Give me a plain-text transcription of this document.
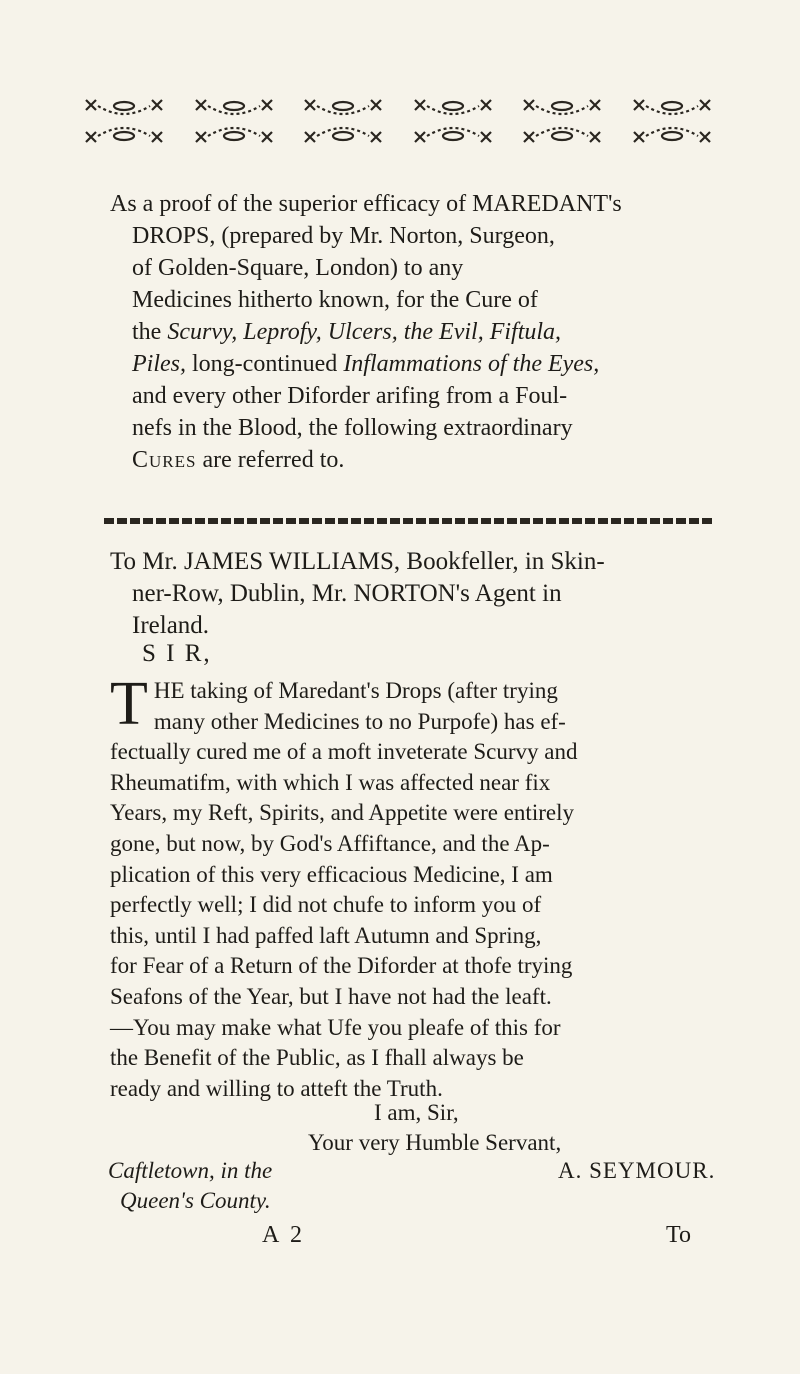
As a proof of the superior efficacy of MAREDANT's

DROPS, (prepared by Mr. Norton, Surgeon,

of Golden-Square, London) to any

Medicines hitherto known, for the Cure of

the Scurvy, Leprofy, Ulcers, the Evil, Fiftula,

Piles, long-continued Inflammations of the Eyes,

and every other Diforder arifing from a Foul-

nefs in the Blood, the following extraordinary

Cures are referred to.

To Mr. JAMES WILLIAMS, Bookfeller, in Skin-

ner-Row, Dublin, Mr. NORTON's Agent in

Ireland.

S I R,
T HE taking of Maredant's Drops (after trying

many other Medicines to no Purpofe) has ef-

fectually cured me of a moft inveterate Scurvy and

Rheumatifm, with which I was affected near fix

Years, my Reft, Spirits, and Appetite were entirely

gone, but now, by God's Affiftance, and the Ap-

plication of this very efficacious Medicine, I am

perfectly well; I did not chufe to inform you of

this, until I had paffed laft Autumn and Spring,

for Fear of a Return of the Diforder at thofe trying

Seafons of the Year, but I have not had the leaft.

—You may make what Ufe you pleafe of this for

the Benefit of the Public, as I fhall always be

ready and willing to atteft the Truth.

I am, Sir,
Your very Humble Servant,
Caftletown, in the
Queen's County.
A. SEYMOUR.
A 2	To
